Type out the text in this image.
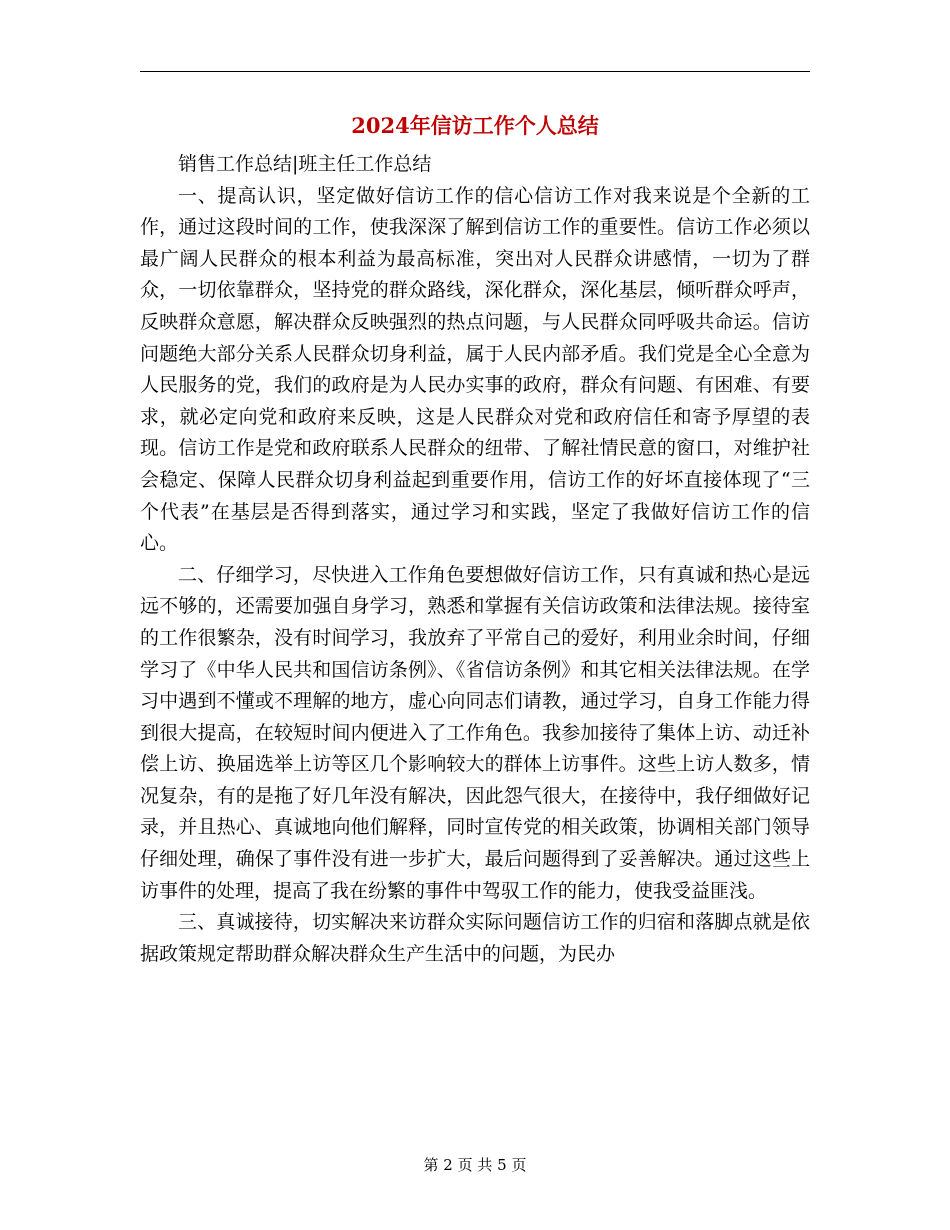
2024年信访工作个人总结

销售工作总结|班主任工作总结

一、提高认识，坚定做好信访工作的信心信访工作对我来说是个全新的工作，通过这段时间的工作，使我深深了解到信访工作的重要性。信访工作必须以最广阔人民群众的根本利益为最高标准，突出对人民群众讲感情，一切为了群众，一切依靠群众，坚持党的群众路线，深化群众，深化基层，倾听群众呼声，反映群众意愿，解决群众反映强烈的热点问题，与人民群众同呼吸共命运。信访问题绝大部分关系人民群众切身利益，属于人民内部矛盾。我们党是全心全意为人民服务的党，我们的政府是为人民办实事的政府，群众有问题、有困难、有要求，就必定向党和政府来反映，这是人民群众对党和政府信任和寄予厚望的表现。信访工作是党和政府联系人民群众的纽带、了解社情民意的窗口，对维护社会稳定、保障人民群众切身利益起到重要作用，信访工作的好坏直接体现了“三个代表”在基层是否得到落实，通过学习和实践，坚定了我做好信访工作的信心。

二、仔细学习，尽快进入工作角色要想做好信访工作，只有真诚和热心是远远不够的，还需要加强自身学习，熟悉和掌握有关信访政策和法律法规。接待室的工作很繁杂，没有时间学习，我放弃了平常自己的爱好，利用业余时间，仔细学习了《中华人民共和国信访条例》、《省信访条例》和其它相关法律法规。在学习中遇到不懂或不理解的地方，虚心向同志们请教，通过学习，自身工作能力得到很大提高，在较短时间内便进入了工作角色。我参加接待了集体上访、动迁补偿上访、换届选举上访等区几个影响较大的群体上访事件。这些上访人数多，情况复杂，有的是拖了好几年没有解决，因此怨气很大，在接待中，我仔细做好记录，并且热心、真诚地向他们解释，同时宣传党的相关政策，协调相关部门领导仔细处理，确保了事件没有进一步扩大，最后问题得到了妥善解决。通过这些上访事件的处理，提高了我在纷繁的事件中驾驭工作的能力，使我受益匪浅。

三、真诚接待，切实解决来访群众实际问题信访工作的归宿和落脚点就是依据政策规定帮助群众解决群众生产生活中的问题，为民办

第 2 页 共 5 页
